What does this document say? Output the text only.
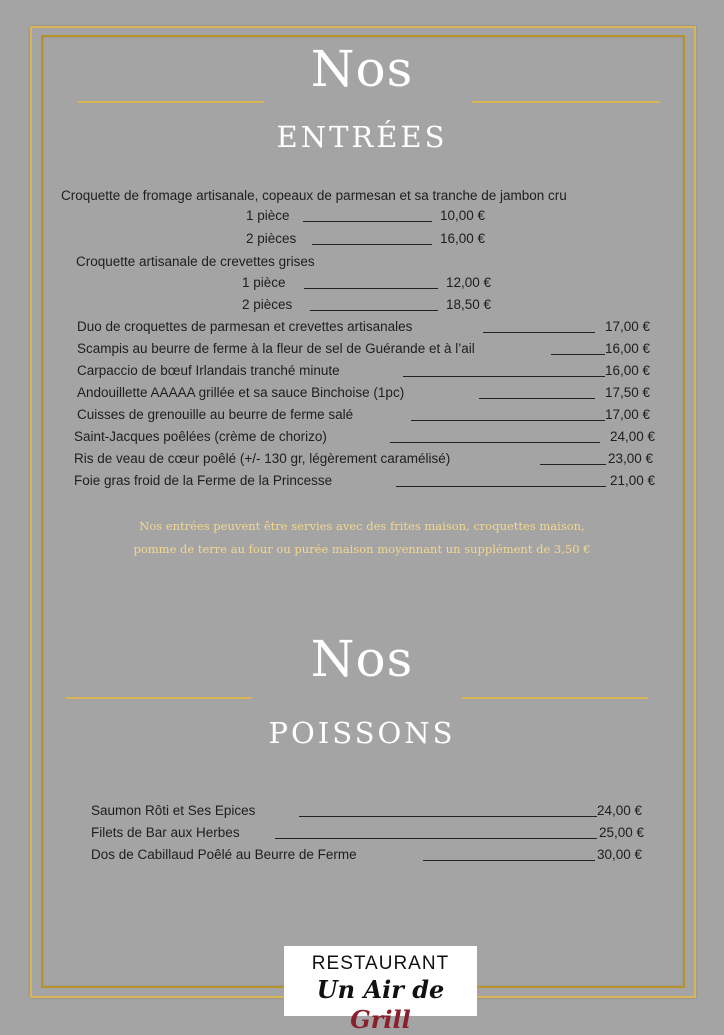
Nos
entrées
Croquette de fromage artisanale, copeaux de parmesan et sa tranche de jambon cru
1 pièce	10,00 €
2 pièces	16,00 €
Croquette artisanale de crevettes grises
1 pièce	12,00 €
2 pièces	18,50 €
Duo de croquettes de parmesan et crevettes artisanales	17,00 €
Scampis au beurre de ferme à la fleur de sel de Guérande et à l’ail	16,00 €
Carpaccio de bœuf Irlandais tranché minute	16,00 €
Andouillette AAAAA grillée et sa sauce Binchoise (1pc)	17,50 €
Cuisses de grenouille au beurre de ferme salé	17,00 €
Saint-Jacques poêlées (crème de chorizo)	24,00 €
Ris de veau de cœur poêlé (+/- 130 gr, légèrement caramélisé)	23,00 €
Foie gras froid de la Ferme de la Princesse	21,00 €
Nos entrées peuvent être servies avec des frites maison, croquettes maison,
pomme de terre au four ou purée maison moyennant un supplément de 3,50 €
Nos
poissons
Saumon Rôti et Ses Epices	24,00 €
Filets de Bar aux Herbes	25,00 €
Dos de Cabillaud Poêlé au Beurre de Ferme	30,00 €
RESTAURANT
Un Air de Grill
